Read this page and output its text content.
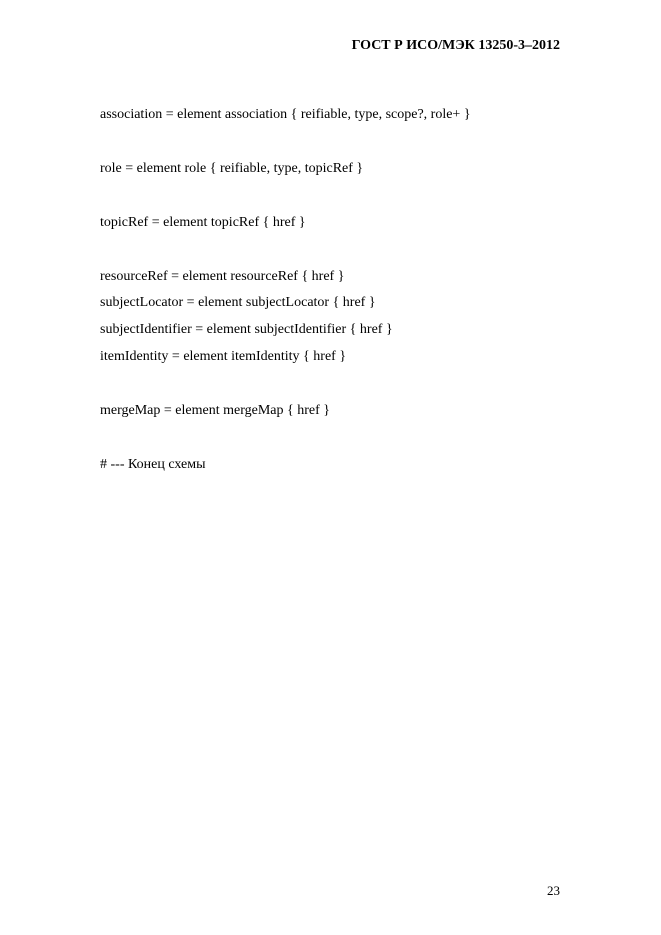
ГОСТ Р ИСО/МЭК 13250-3–2012
association = element association { reifiable, type, scope?, role+ }
role = element role { reifiable, type, topicRef }
topicRef = element topicRef { href }
resourceRef = element resourceRef { href }
subjectLocator = element subjectLocator { href }
subjectIdentifier = element subjectIdentifier { href }
itemIdentity = element itemIdentity { href }
mergeMap = element mergeMap { href }
# --- Конец схемы
23
